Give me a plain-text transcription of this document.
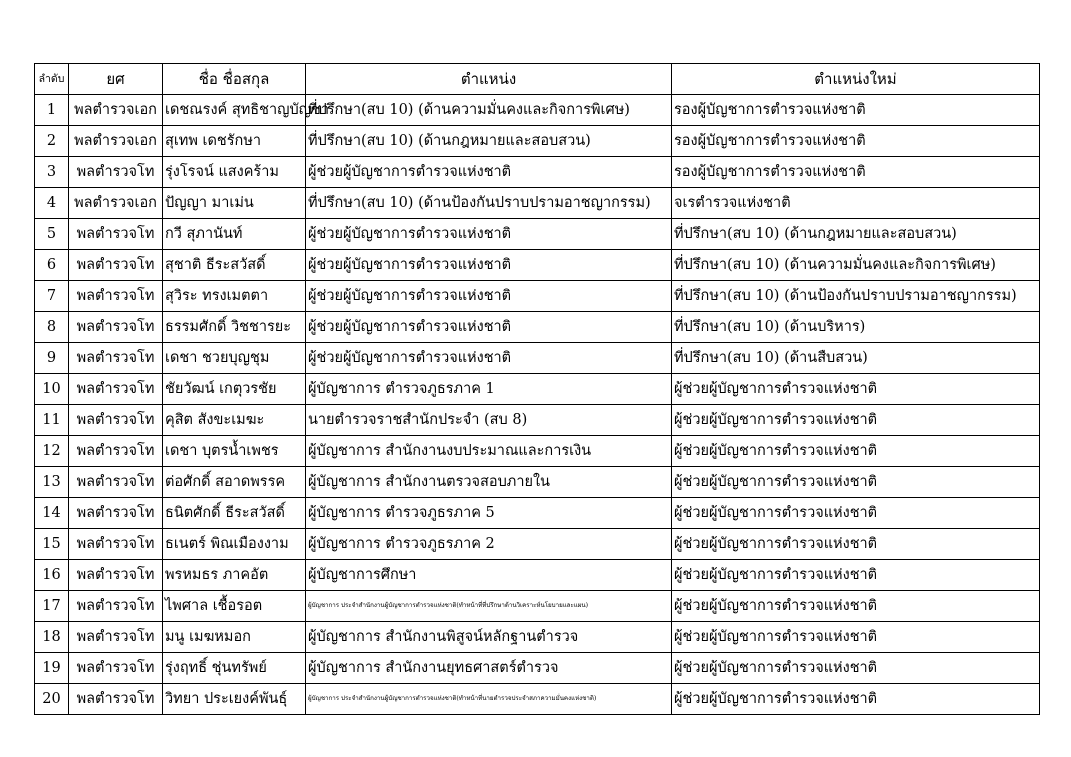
ลำดับ	ยศ	ชื่อ ชื่อสกุล	ตำแหน่ง	ตำแหน่งใหม่
1	พลตำรวจเอก	เดชณรงค์ สุทธิชาญบัญชา	ที่ปรึกษา(สบ 10) (ด้านความมั่นคงและกิจการพิเศษ)	รองผู้บัญชาการตำรวจแห่งชาติ
2	พลตำรวจเอก	สุเทพ เดชรักษา	ที่ปรึกษา(สบ 10) (ด้านกฎหมายและสอบสวน)	รองผู้บัญชาการตำรวจแห่งชาติ
3	พลตำรวจโท	รุ่งโรจน์ แสงคร้าม	ผู้ช่วยผู้บัญชาการตำรวจแห่งชาติ	รองผู้บัญชาการตำรวจแห่งชาติ
4	พลตำรวจเอก	ปัญญา มาเม่น	ที่ปรึกษา(สบ 10) (ด้านป้องกันปราบปรามอาชญากรรม)	จเรตำรวจแห่งชาติ
5	พลตำรวจโท	กวี สุภานันท์	ผู้ช่วยผู้บัญชาการตำรวจแห่งชาติ	ที่ปรึกษา(สบ 10) (ด้านกฎหมายและสอบสวน)
6	พลตำรวจโท	สุชาติ ธีระสวัสดิ์	ผู้ช่วยผู้บัญชาการตำรวจแห่งชาติ	ที่ปรึกษา(สบ 10) (ด้านความมั่นคงและกิจการพิเศษ)
7	พลตำรวจโท	สุวิระ ทรงเมตตา	ผู้ช่วยผู้บัญชาการตำรวจแห่งชาติ	ที่ปรึกษา(สบ 10) (ด้านป้องกันปราบปรามอาชญากรรม)
8	พลตำรวจโท	ธรรมศักดิ์ วิชชารยะ	ผู้ช่วยผู้บัญชาการตำรวจแห่งชาติ	ที่ปรึกษา(สบ 10) (ด้านบริหาร)
9	พลตำรวจโท	เดชา ชวยบุญชุม	ผู้ช่วยผู้บัญชาการตำรวจแห่งชาติ	ที่ปรึกษา(สบ 10) (ด้านสืบสวน)
10	พลตำรวจโท	ชัยวัฒน์ เกตุวรชัย	ผู้บัญชาการ ตำรวจภูธรภาค 1	ผู้ช่วยผู้บัญชาการตำรวจแห่งชาติ
11	พลตำรวจโท	คุสิต สังขะเมฆะ	นายตำรวจราชสำนักประจำ (สบ 8)	ผู้ช่วยผู้บัญชาการตำรวจแห่งชาติ
12	พลตำรวจโท	เดชา บุตรน้ำเพชร	ผู้บัญชาการ สำนักงานงบประมาณและการเงิน	ผู้ช่วยผู้บัญชาการตำรวจแห่งชาติ
13	พลตำรวจโท	ต่อศักดิ์ สอาดพรรค	ผู้บัญชาการ สำนักงานตรวจสอบภายใน	ผู้ช่วยผู้บัญชาการตำรวจแห่งชาติ
14	พลตำรวจโท	ธนิตศักดิ์ ธีระสวัสดิ์	ผู้บัญชาการ ตำรวจภูธรภาค 5	ผู้ช่วยผู้บัญชาการตำรวจแห่งชาติ
15	พลตำรวจโท	ธเนตร์ พิณเมืองงาม	ผู้บัญชาการ ตำรวจภูธรภาค 2	ผู้ช่วยผู้บัญชาการตำรวจแห่งชาติ
16	พลตำรวจโท	พรหมธร ภาคอัต	ผู้บัญชาการศึกษา	ผู้ช่วยผู้บัญชาการตำรวจแห่งชาติ
17	พลตำรวจโท	ไพศาล เชื้อรอต	ผู้บัญชาการ ประจำสำนักงานผู้บัญชาการตำรวจแห่งชาติ(ทำหน้าที่ที่ปรึกษาด้านวิเคราะห์นโยบายและแผน)	ผู้ช่วยผู้บัญชาการตำรวจแห่งชาติ
18	พลตำรวจโท	มนู เมฆหมอก	ผู้บัญชาการ สำนักงานพิสูจน์หลักฐานตำรวจ	ผู้ช่วยผู้บัญชาการตำรวจแห่งชาติ
19	พลตำรวจโท	รุ่งฤทธิ์ ชุ่นทรัพย์	ผู้บัญชาการ สำนักงานยุทธศาสตร์ตำรวจ	ผู้ช่วยผู้บัญชาการตำรวจแห่งชาติ
20	พลตำรวจโท	วิทยา ประเยงค์พันธุ์	ผู้บัญชาการ ประจำสำนักงานผู้บัญชาการตำรวจแห่งชาติ(ทำหน้าที่นายตำรวจประจำสภาความมั่นคงแห่งชาติ)	ผู้ช่วยผู้บัญชาการตำรวจแห่งชาติ
